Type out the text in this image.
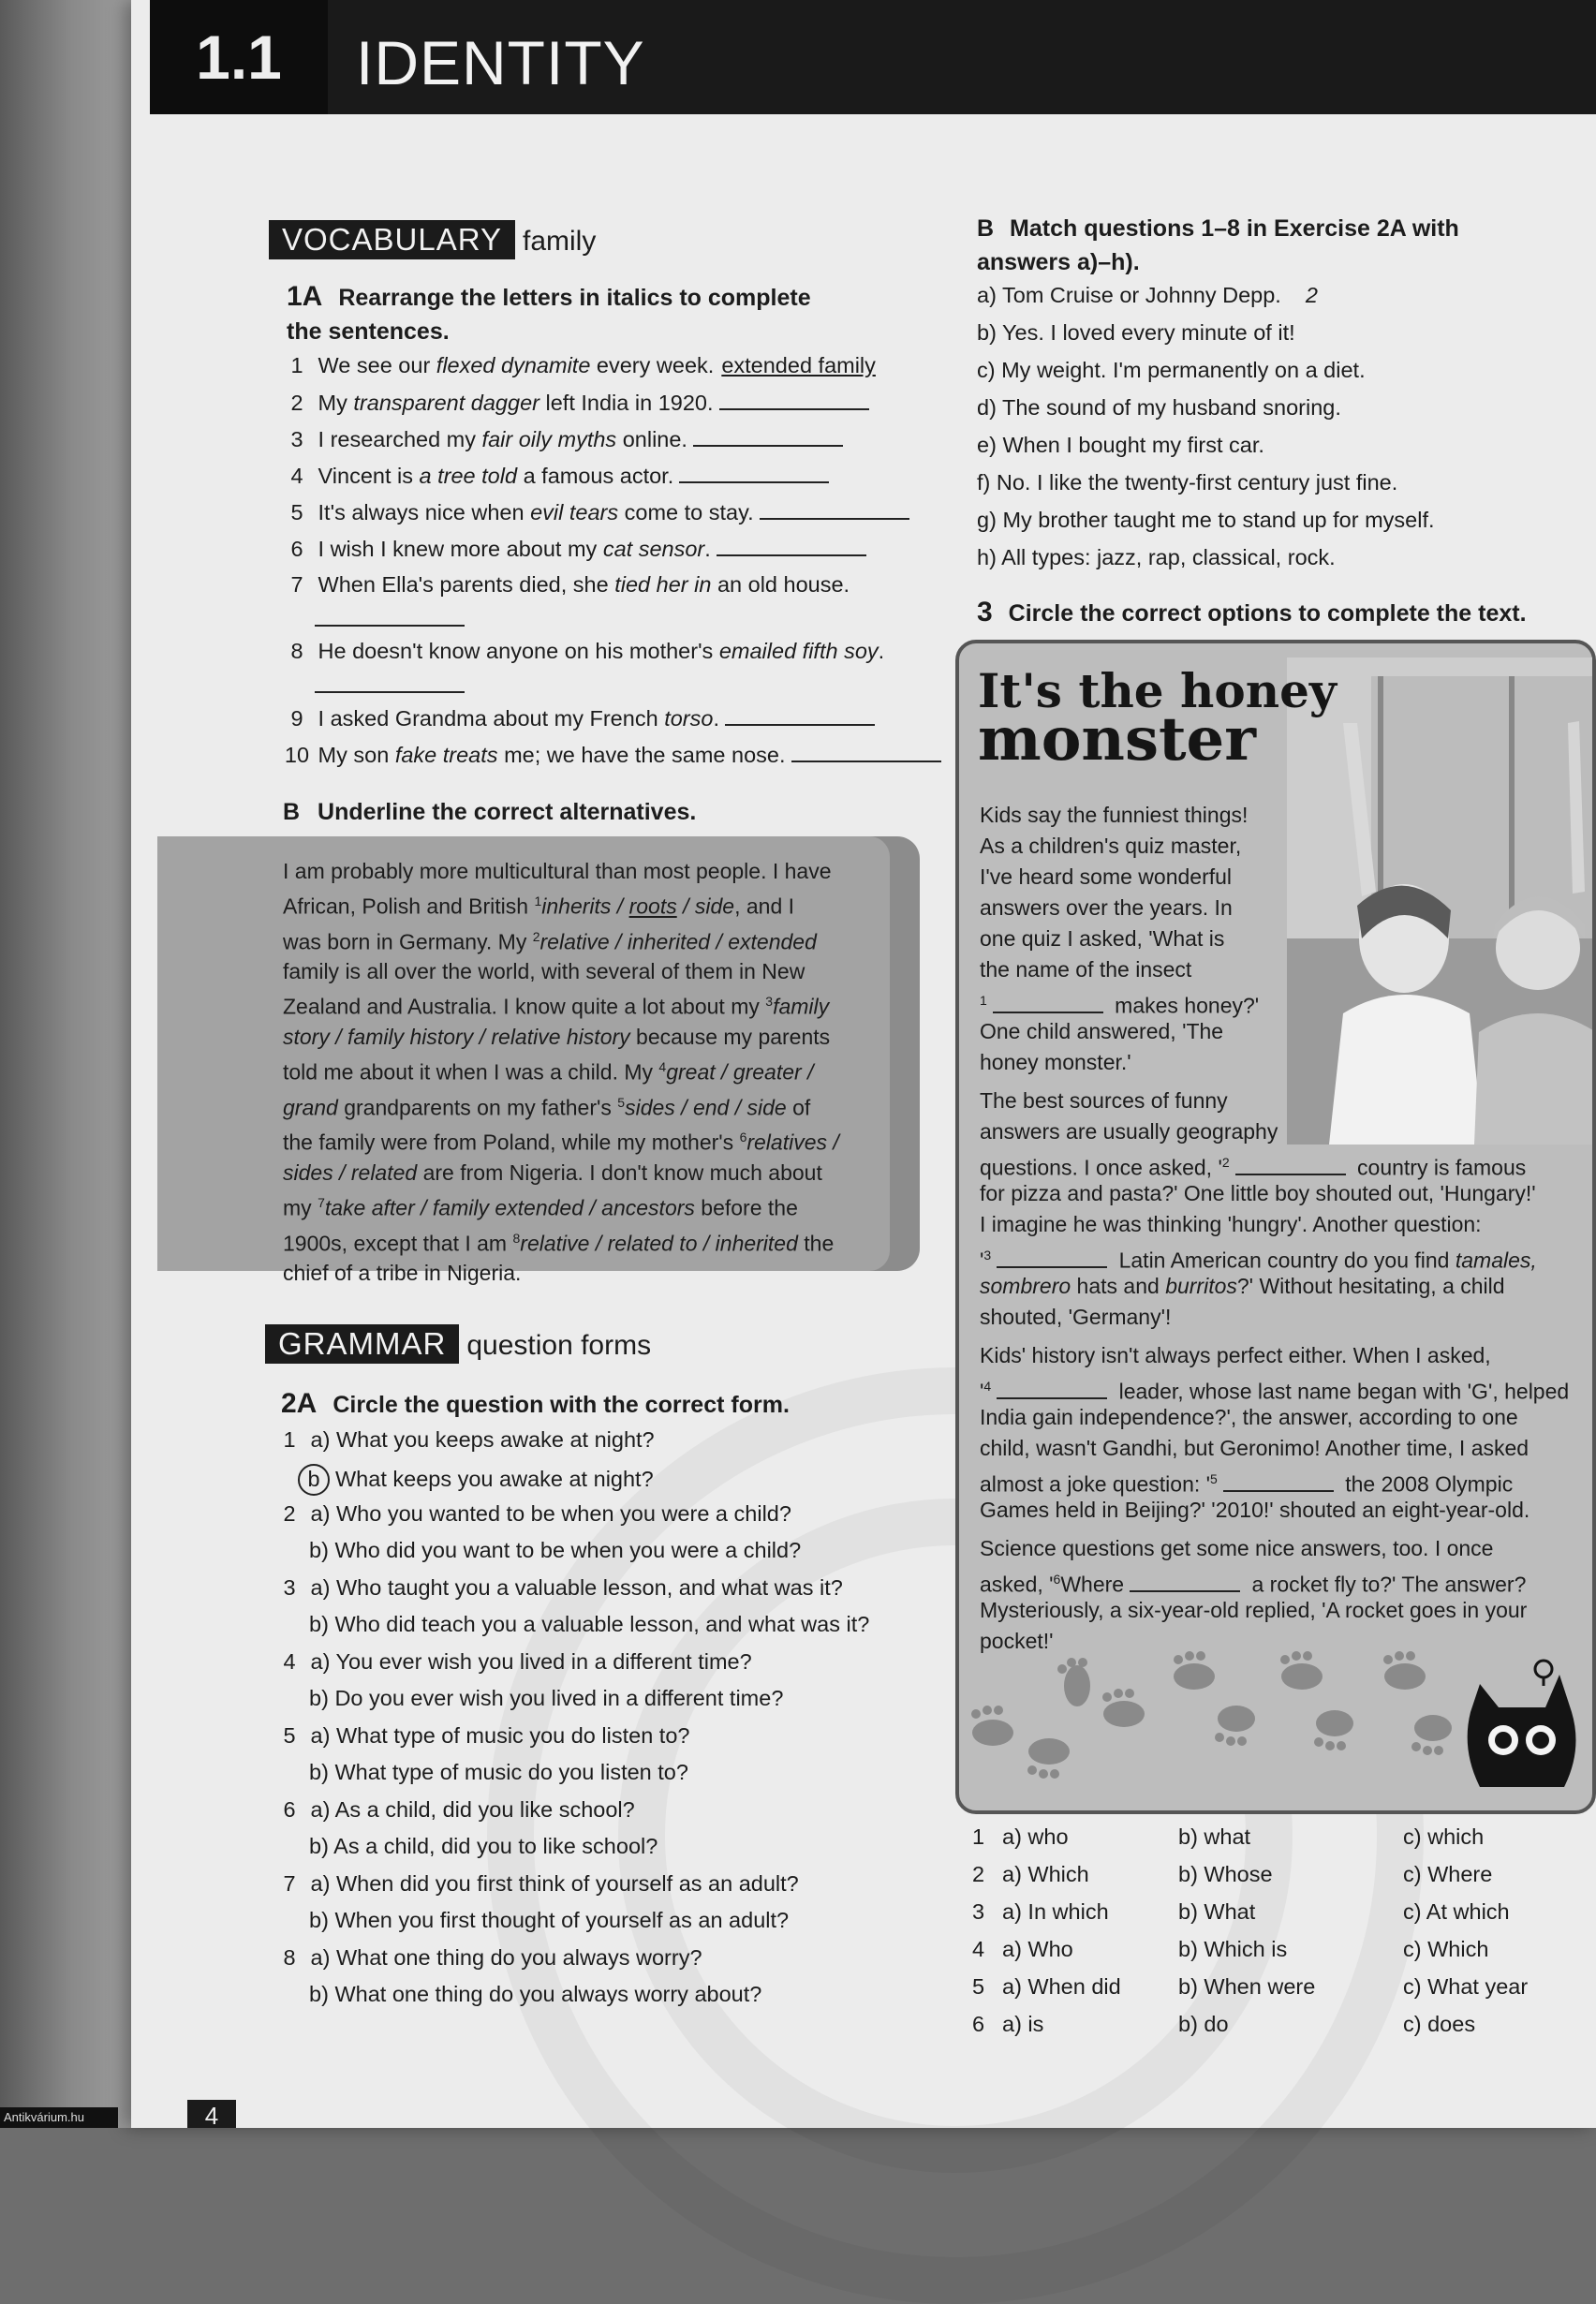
1.1	IDENTITY
VOCABULARY family
1A Rearrange the letters in italics to complete
the sentences.
B Underline the correct alternatives.
I am probably more multicultural than most people. I have
African, Polish and British $^1$inherits / roots / side, and I
was born in Germany. My $^2$relative / inherited / extended
family is all over the world, with several of them in New
Zealand and Australia. I know quite a lot about my $^3$family
story / family history / relative history because my parents
told me about it when I was a child. My $^4$great / greater /
grand grandparents on my father's $^5$sides / end / side of
the family were from Poland, while my mother's $^6$relatives /
sides / related are from Nigeria. I don't know much about
my $^7$take after / family extended / ancestors before the
1900s, except that I am $^8$relative / related to / inherited the
chief of a tribe in Nigeria.
GRAMMAR question forms
2A Circle the question with the correct form.
B Match questions 1–8 in Exercise 2A with
answers a)–h).
3 Circle the correct options to complete the text.
It's the honey
monster
4
Antikvárium.hu
1 We see our flexed dynamite every week. extended family
2 My transparent dagger left India in 1920.
3 I researched my fair oily myths online.
4 Vincent is a tree told a famous actor.
5 It's always nice when evil tears come to stay.
6 I wish I knew more about my cat sensor.
7 When Ella's parents died, she tied her in an old house.
8 He doesn't know anyone on his mother's emailed fifth soy.
9 I asked Grandma about my French torso.
10 My son fake treats me; we have the same nose.
1 a) What you keeps awake at night?
b What keeps you awake at night?
2 a) Who you wanted to be when you were a child?
b) Who did you want to be when you were a child?
3 a) Who taught you a valuable lesson, and what was it?
b) Who did teach you a valuable lesson, and what was it?
4 a) You ever wish you lived in a different time?
b) Do you ever wish you lived in a different time?
5 a) What type of music you do listen to?
b) What type of music do you listen to?
6 a) As a child, did you like school?
b) As a child, did you to like school?
7 a) When did you first think of yourself as an adult?
b) When you first thought of yourself as an adult?
8 a) What one thing do you always worry?
b) What one thing do you always worry about?
a) Tom Cruise or Johnny Depp. 2
b) Yes. I loved every minute of it!
c) My weight. I'm permanently on a diet.
d) The sound of my husband snoring.
e) When I bought my first car.
f) No. I like the twenty-first century just fine.
g) My brother taught me to stand up for myself.
h) All types: jazz, rap, classical, rock.
Kids say the funniest things!
As a children's quiz master,
I've heard some wonderful
answers over the years. In
one quiz I asked, 'What is
the name of the insect
$^1$	makes honey?'
One child answered, 'The
honey monster.'
The best sources of funny
answers are usually geography
questions. I once asked, '$^2$	country is famous
for pizza and pasta?' One little boy shouted out, 'Hungary!'
I imagine he was thinking 'hungry'. Another question:
'$^3$	Latin American country do you find tamales,
sombrero hats and burritos?' Without hesitating, a child
shouted, 'Germany'!
Kids' history isn't always perfect either. When I asked,
'$^4$	leader, whose last name began with 'G', helped
India gain independence?', the answer, according to one
child, wasn't Gandhi, but Geronimo! Another time, I asked
almost a joke question: '$^5$	the 2008 Olympic
Games held in Beijing?' '2010!' shouted an eight-year-old.
Science questions get some nice answers, too. I once
asked, '$^6Where$	a rocket fly to?' The answer?
Mysteriously, a six-year-old replied, 'A rocket goes in your
pocket!'
1 a) who	b) what	c) which
2 a) Which	b) Whose	c) Where
3 a) In which	b) What	c) At which
4 a) Who	b) Which is	c) Which
5 a) When did	b) When were	c) What year
6 a) is	b) do	c) does
